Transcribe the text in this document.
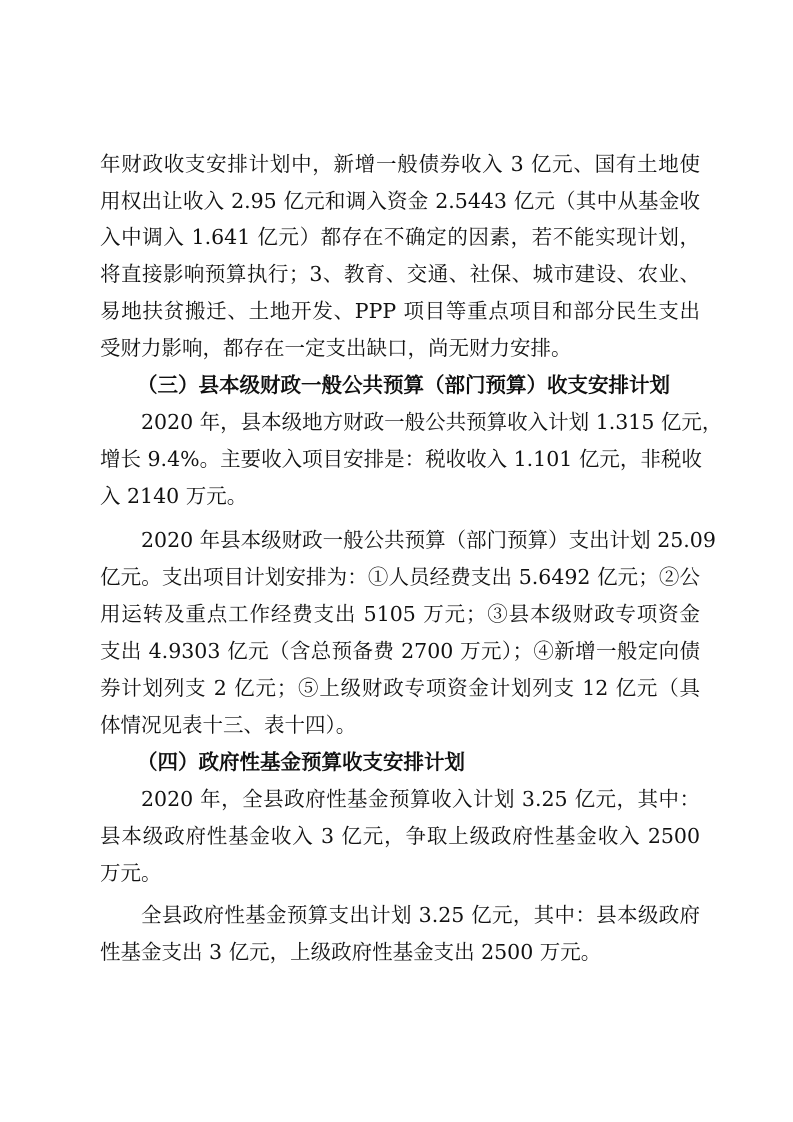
年财政收支安排计划中，新增一般债券收入 3 亿元、国有土地使
用权出让收入 2.95 亿元和调入资金 2.5443 亿元（其中从基金收
入中调入 1.641 亿元）都存在不确定的因素，若不能实现计划，
将直接影响预算执行；3、教育、交通、社保、城市建设、农业、
易地扶贫搬迁、土地开发、PPP 项目等重点项目和部分民生支出
受财力影响，都存在一定支出缺口，尚无财力安排。
（三）县本级财政一般公共预算（部门预算）收支安排计划
2020 年，县本级地方财政一般公共预算收入计划 1.315 亿元，
增长 9.4%。主要收入项目安排是：税收收入 1.101 亿元，非税收
入 2140 万元。
2020 年县本级财政一般公共预算（部门预算）支出计划 25.09
亿元。支出项目计划安排为：①人员经费支出 5.6492 亿元；②公
用运转及重点工作经费支出 5105 万元；③县本级财政专项资金
支出 4.9303 亿元（含总预备费 2700 万元）；④新增一般定向债
券计划列支 2 亿元；⑤上级财政专项资金计划列支 12 亿元（具
体情况见表十三、表十四）。
（四）政府性基金预算收支安排计划
2020 年，全县政府性基金预算收入计划 3.25 亿元，其中：
县本级政府性基金收入 3 亿元，争取上级政府性基金收入 2500
万元。
全县政府性基金预算支出计划 3.25 亿元，其中：县本级政府
性基金支出 3 亿元，上级政府性基金支出 2500 万元。
